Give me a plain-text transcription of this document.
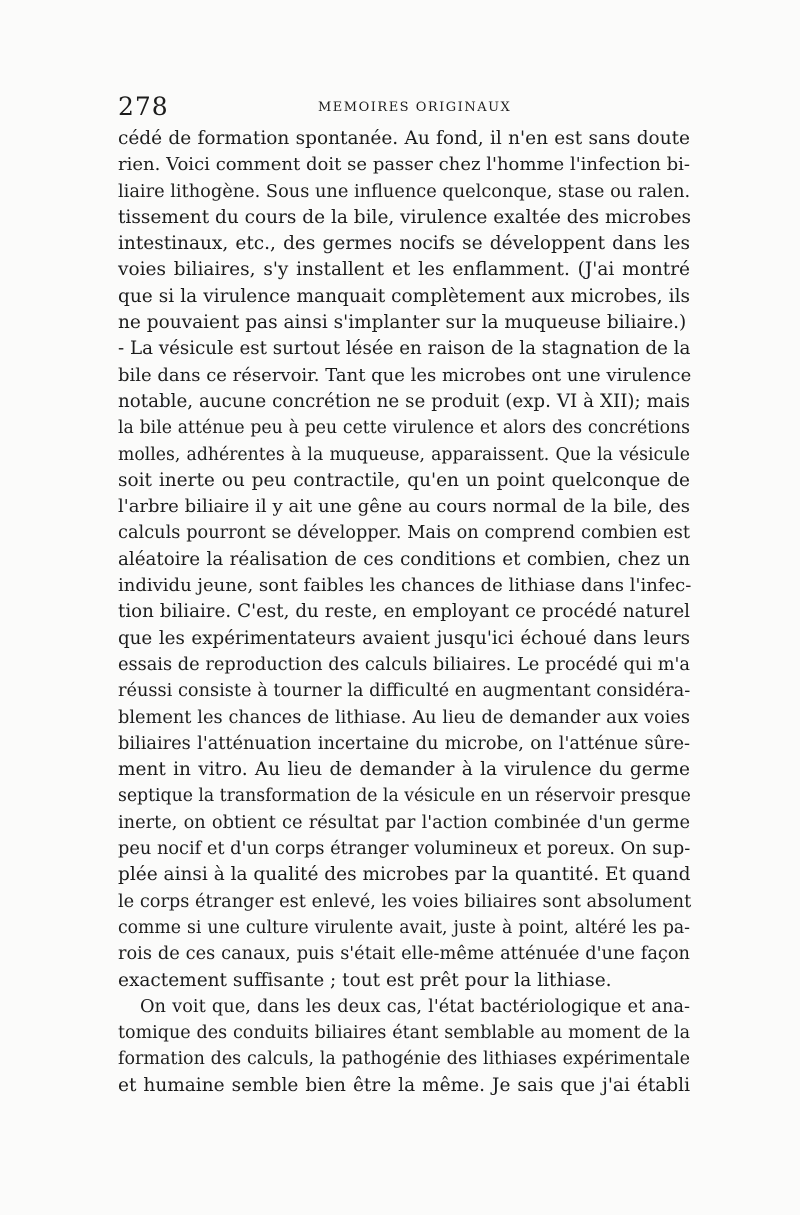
278	MEMOIRES ORIGINAUX
cédé de formation spontanée. Au fond, il n'en est sans doute
rien. Voici comment doit se passer chez l'homme l'infection bi-
liaire lithogène. Sous une influence quelconque, stase ou ralen.
tissement du cours de la bile, virulence exaltée des microbes
intestinaux, etc., des germes nocifs se développent dans les
voies biliaires, s'y installent et les enflamment. (J'ai montré
que si la virulence manquait complètement aux microbes, ils
ne pouvaient pas ainsi s'implanter sur la muqueuse biliaire.)
- La vésicule est surtout lésée en raison de la stagnation de la
bile dans ce réservoir. Tant que les microbes ont une virulence
notable, aucune concrétion ne se produit (exp. VI à XII); mais
la bile atténue peu à peu cette virulence et alors des concrétions
molles, adhérentes à la muqueuse, apparaissent. Que la vésicule
soit inerte ou peu contractile, qu'en un point quelconque de
l'arbre biliaire il y ait une gêne au cours normal de la bile, des
calculs pourront se développer. Mais on comprend combien est
aléatoire la réalisation de ces conditions et combien, chez un
individu jeune, sont faibles les chances de lithiase dans l'infec-
tion biliaire. C'est, du reste, en employant ce procédé naturel
que les expérimentateurs avaient jusqu'ici échoué dans leurs
essais de reproduction des calculs biliaires. Le procédé qui m'a
réussi consiste à tourner la difficulté en augmentant considéra-
blement les chances de lithiase. Au lieu de demander aux voies
biliaires l'atténuation incertaine du microbe, on l'atténue sûre-
ment in vitro. Au lieu de demander à la virulence du germe
septique la transformation de la vésicule en un réservoir presque
inerte, on obtient ce résultat par l'action combinée d'un germe
peu nocif et d'un corps étranger volumineux et poreux. On sup-
plée ainsi à la qualité des microbes par la quantité. Et quand
le corps étranger est enlevé, les voies biliaires sont absolument
comme si une culture virulente avait, juste à point, altéré les pa-
rois de ces canaux, puis s'était elle-même atténuée d'une façon
exactement suffisante ; tout est prêt pour la lithiase.
On voit que, dans les deux cas, l'état bactériologique et ana-
tomique des conduits biliaires étant semblable au moment de la
formation des calculs, la pathogénie des lithiases expérimentale
et humaine semble bien être la même. Je sais que j'ai établi
